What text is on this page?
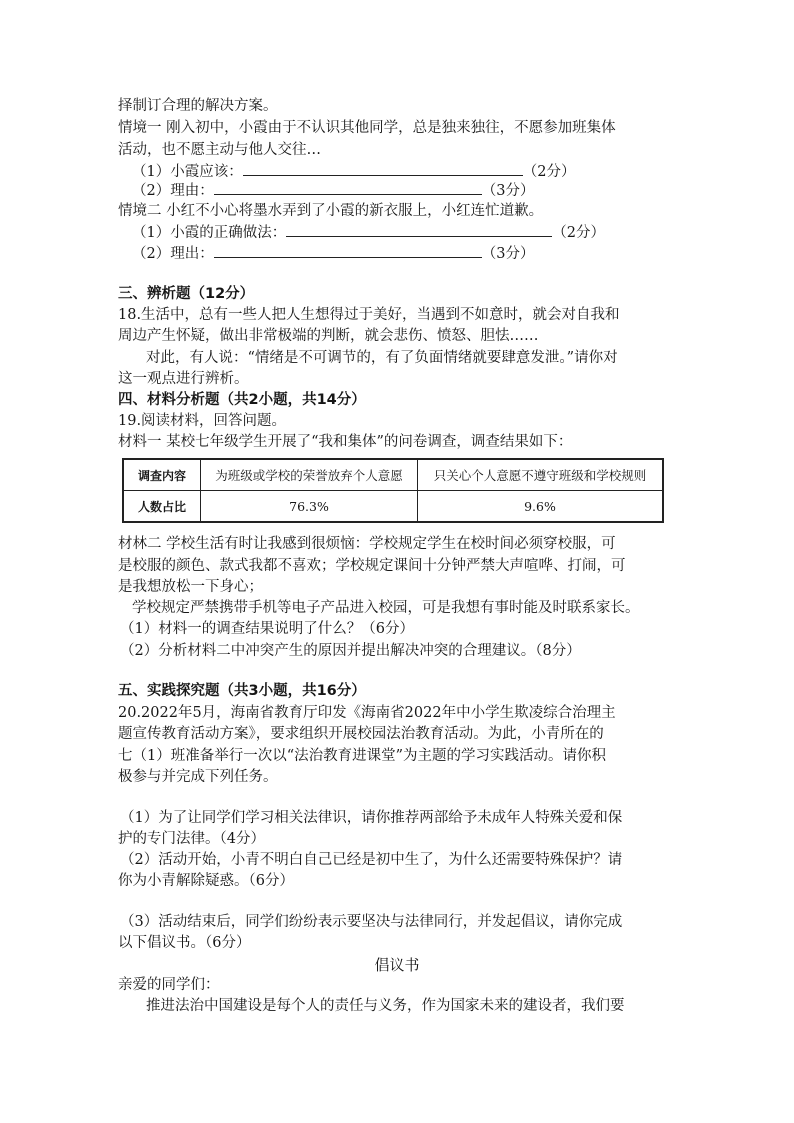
择制订合理的解决方案。
情境一 刚入初中，小霞由于不认识其他同学，总是独来独往，不愿参加班集体
活动，也不愿主动与他人交往…
（1）小霞应该：	（2分）
（2）理由：	（3分）
情境二 小红不小心将墨水弄到了小霞的新衣服上，小红连忙道歉。
（1）小霞的正确做法：	（2分）
（2）理出：	（3分）
三、辨析题（12分）
18.生活中，总有一些人把人生想得过于美好，当遇到不如意时，就会对自我和
周边产生怀疑，做出非常极端的判断，就会悲伤、愤怒、胆怯……
对此，有人说：“情绪是不可调节的，有了负面情绪就要肆意发泄。”请你对
这一观点进行辨析。
四、材料分析题（共2小题，共14分）
19.阅读材料，回答问题。
材料一 某校七年级学生开展了“我和集体”的问卷调查，调查结果如下：
调查内容	为班级或学校的荣誉放弃个人意愿	只关心个人意愿不遵守班级和学校规则
人数占比	76.3%	9.6%
材林二 学校生活有时让我感到很烦恼：学校规定学生在校时间必须穿校服，可
是校服的颜色、款式我都不喜欢；学校规定课间十分钟严禁大声喧哗、打闹，可
是我想放松一下身心；
学校规定严禁携带手机等电子产品进入校园，可是我想有事时能及时联系家长。
（1）材料一的调查结果说明了什么？（6分）
（2）分析材料二中冲突产生的原因并提出解决冲突的合理建议。（8分）
五、实践探究题（共3小题，共16分）
20.2022年5月，海南省教育厅印发《海南省2022年中小学生欺凌综合治理主
题宣传教育活动方案》，要求组织开展校园法治教育活动。为此，小青所在的
七（1）班准备举行一次以“法治教育进课堂”为主题的学习实践活动。请你积
极参与并完成下列任务。
（1）为了让同学们学习相关法律识，请你推荐两部给予未成年人特殊关爱和保
护的专门法律。（4分）
（2）活动开始，小青不明白自己已经是初中生了，为什么还需要特殊保护？请
你为小青解除疑惑。（6分）
（3）活动结束后，同学们纷纷表示要坚决与法律同行，并发起倡议，请你完成
以下倡议书。（6分）
倡议书
亲爱的同学们：
推进法治中国建设是每个人的责任与义务，作为国家未来的建设者，我们要
